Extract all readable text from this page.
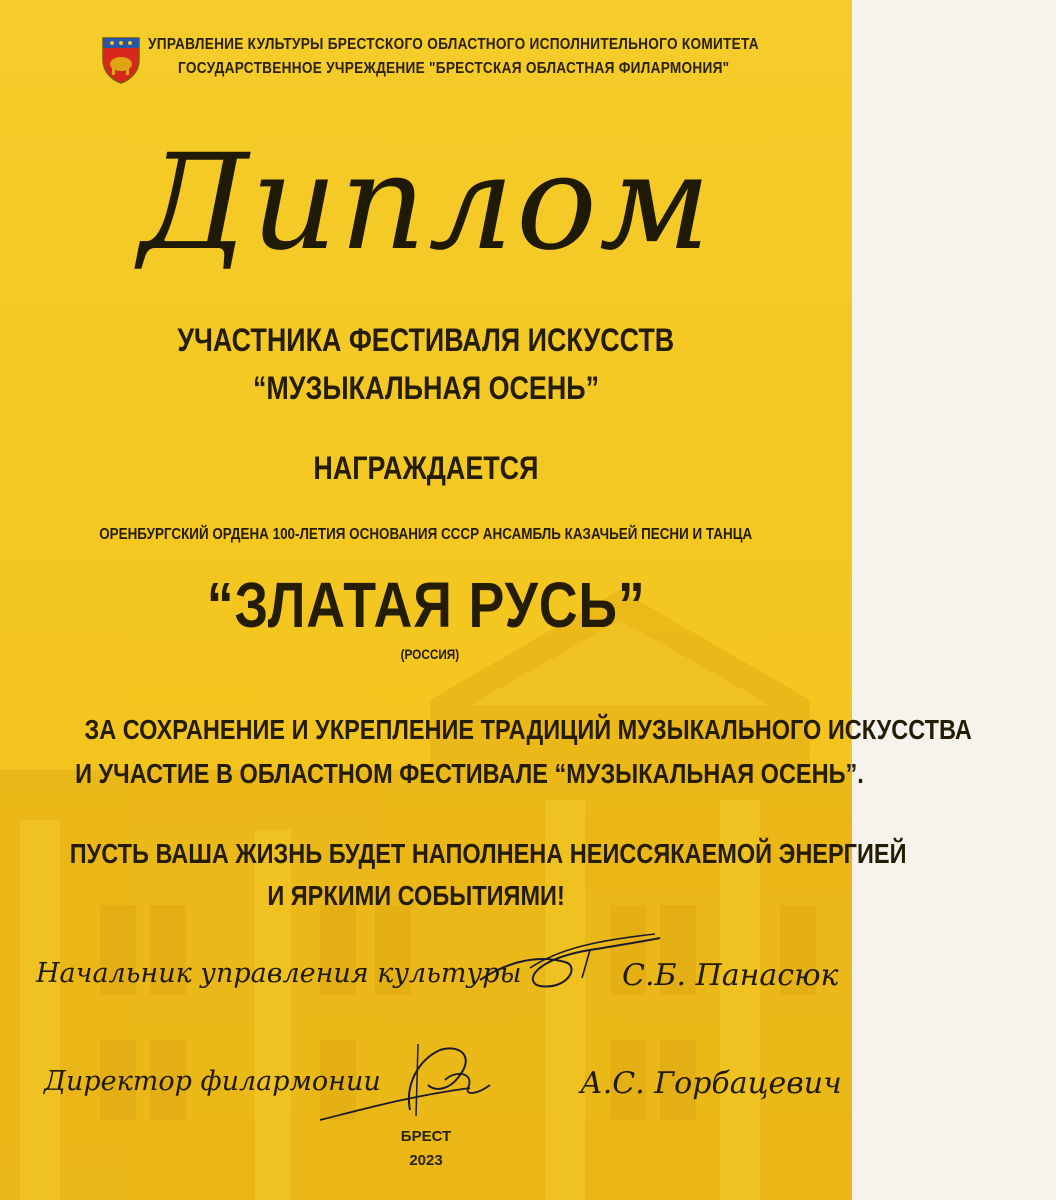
УПРАВЛЕНИЕ КУЛЬТУРЫ БРЕСТСКОГО ОБЛАСТНОГО ИСПОЛНИТЕЛЬНОГО КОМИТЕТА
ГОСУДАРСТВЕННОЕ УЧРЕЖДЕНИЕ "БРЕСТСКАЯ ОБЛАСТНАЯ ФИЛАРМОНИЯ"
Диплом
УЧАСТНИКА ФЕСТИВАЛЯ ИСКУССТВ
“МУЗЫКАЛЬНАЯ ОСЕНЬ”
НАГРАЖДАЕТСЯ
ОРЕНБУРГСКИЙ ОРДЕНА 100-ЛЕТИЯ ОСНОВАНИЯ СССР АНСАМБЛЬ КАЗАЧЬЕЙ ПЕСНИ И ТАНЦА
“ЗЛАТАЯ РУСЬ”
(РОССИЯ)
ЗА СОХРАНЕНИЕ И УКРЕПЛЕНИЕ ТРАДИЦИЙ МУЗЫКАЛЬНОГО ИСКУССТВА
И УЧАСТИЕ В ОБЛАСТНОМ ФЕСТИВАЛЕ “МУЗЫКАЛЬНАЯ ОСЕНЬ”.
ПУСТЬ ВАША ЖИЗНЬ БУДЕТ НАПОЛНЕНА НЕИССЯКАЕМОЙ ЭНЕРГИЕЙ
И ЯРКИМИ СОБЫТИЯМИ!
Начальник управления культуры	С.Б. Панасюк
Директор филармонии	А.С. Горбацевич
БРЕСТ
2023
